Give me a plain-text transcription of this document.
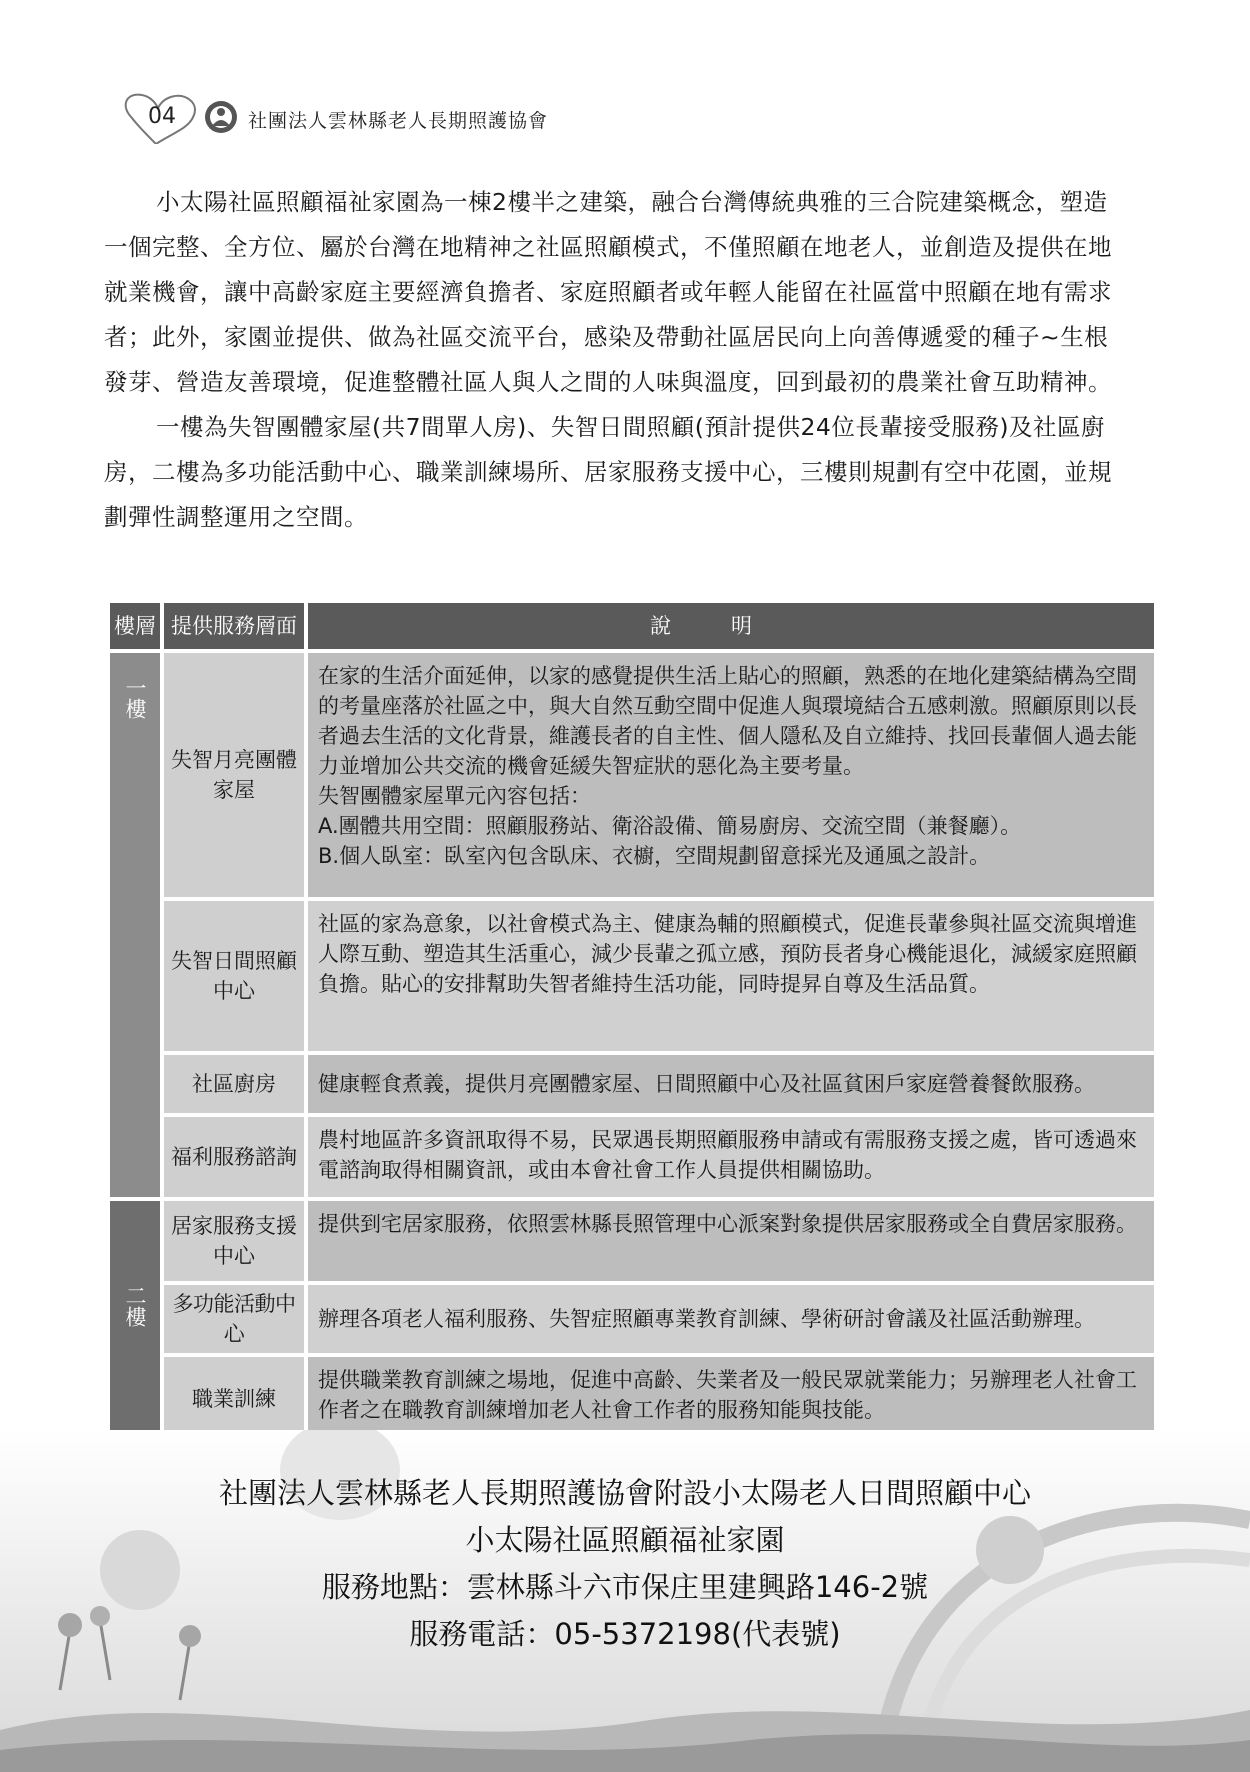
04	社團法人雲林縣老人長期照護協會

小太陽社區照顧福祉家園為一棟2樓半之建築，融合台灣傳統典雅的三合院建築概念，塑造一個完整、全方位、屬於台灣在地精神之社區照顧模式，不僅照顧在地老人，並創造及提供在地就業機會，讓中高齡家庭主要經濟負擔者、家庭照顧者或年輕人能留在社區當中照顧在地有需求者；此外，家園並提供、做為社區交流平台，感染及帶動社區居民向上向善傳遞愛的種子~生根發芽、營造友善環境，促進整體社區人與人之間的人味與溫度，回到最初的農業社會互助精神。

一樓為失智團體家屋(共7間單人房)、失智日間照顧(預計提供24位長輩接受服務)及社區廚房，二樓為多功能活動中心、職業訓練場所、居家服務支援中心，三樓則規劃有空中花園，並規劃彈性調整運用之空間。

樓層	提供服務層面	說明
一樓	失智月亮團體家屋	在家的生活介面延伸，以家的感覺提供生活上貼心的照顧，熟悉的在地化建築結構為空間的考量座落於社區之中，與大自然互動空間中促進人與環境結合五感刺激。照顧原則以長者過去生活的文化背景，維護長者的自主性、個人隱私及自立維持、找回長輩個人過去能力並增加公共交流的機會延緩失智症狀的惡化為主要考量。
失智團體家屋單元內容包括：
A.團體共用空間：照顧服務站、衛浴設備、簡易廚房、交流空間（兼餐廳）。
B.個人臥室：臥室內包含臥床、衣櫥，空間規劃留意採光及通風之設計。

	失智日間照顧中心	社區的家為意象，以社會模式為主、健康為輔的照顧模式，促進長輩參與社區交流與增進人際互動、塑造其生活重心，減少長輩之孤立感，預防長者身心機能退化，減緩家庭照顧負擔。貼心的安排幫助失智者維持生活功能，同時提昇自尊及生活品質。
	社區廚房	健康輕食煮義，提供月亮團體家屋、日間照顧中心及社區貧困戶家庭營養餐飲服務。
	福利服務諮詢	農村地區許多資訊取得不易，民眾遇長期照顧服務申請或有需服務支援之處，皆可透過來電諮詢取得相關資訊，或由本會社會工作人員提供相關協助。
二樓	居家服務支援中心	提供到宅居家服務，依照雲林縣長照管理中心派案對象提供居家服務或全自費居家服務。
	多功能活動中心	辦理各項老人福利服務、失智症照顧專業教育訓練、學術研討會議及社區活動辦理。
	職業訓練	提供職業教育訓練之場地，促進中高齡、失業者及一般民眾就業能力；另辦理老人社會工作者之在職教育訓練增加老人社會工作者的服務知能與技能。
社團法人雲林縣老人長期照護協會附設小太陽老人日間照顧中心
小太陽社區照顧福祉家園
服務地點：雲林縣斗六市保庄里建興路146-2號
服務電話：05-5372198(代表號)
